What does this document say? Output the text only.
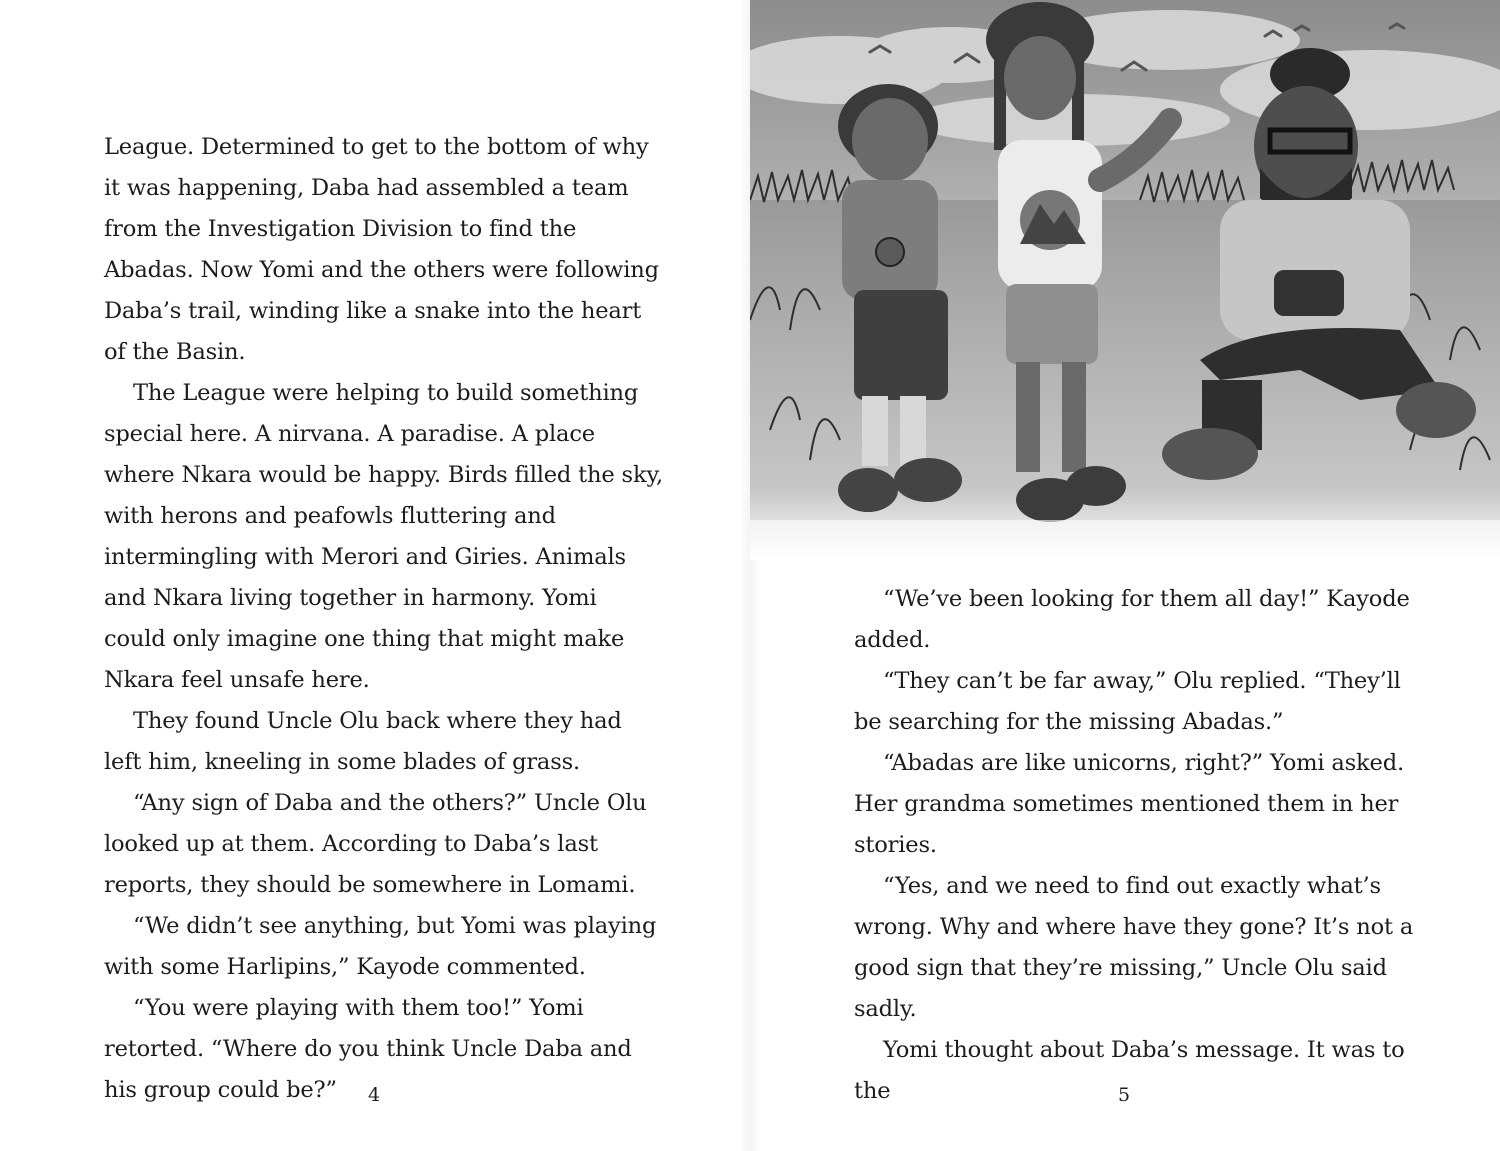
League. Determined to get to the bottom of why it was happening, Daba had assembled a team from the Investigation Division to find the Abadas. Now Yomi and the others were following Daba’s trail, winding like a snake into the heart of the Basin.

The League were helping to build something special here. A nirvana. A paradise. A place where Nkara would be happy. Birds filled the sky, with herons and peafowls fluttering and intermingling with Merori and Giries. Animals and Nkara living together in harmony. Yomi could only imagine one thing that might make Nkara feel unsafe here.

They found Uncle Olu back where they had left him, kneeling in some blades of grass.

“Any sign of Daba and the others?” Uncle Olu looked up at them. According to Daba’s last reports, they should be somewhere in Lomami.

“We didn’t see anything, but Yomi was playing with some Harlipins,” Kayode commented.

“You were playing with them too!” Yomi retorted. “Where do you think Uncle Daba and his group could be?”	4

“We’ve been looking for them all day!” Kayode added.

“They can’t be far away,” Olu replied. “They’ll be searching for the missing Abadas.”

“Abadas are like unicorns, right?” Yomi asked. Her grandma sometimes mentioned them in her stories.

“Yes, and we need to find out exactly what’s wrong. Why and where have they gone? It’s not a good sign that they’re missing,” Uncle Olu said sadly.

Yomi thought about Daba’s message. It was to the	5
